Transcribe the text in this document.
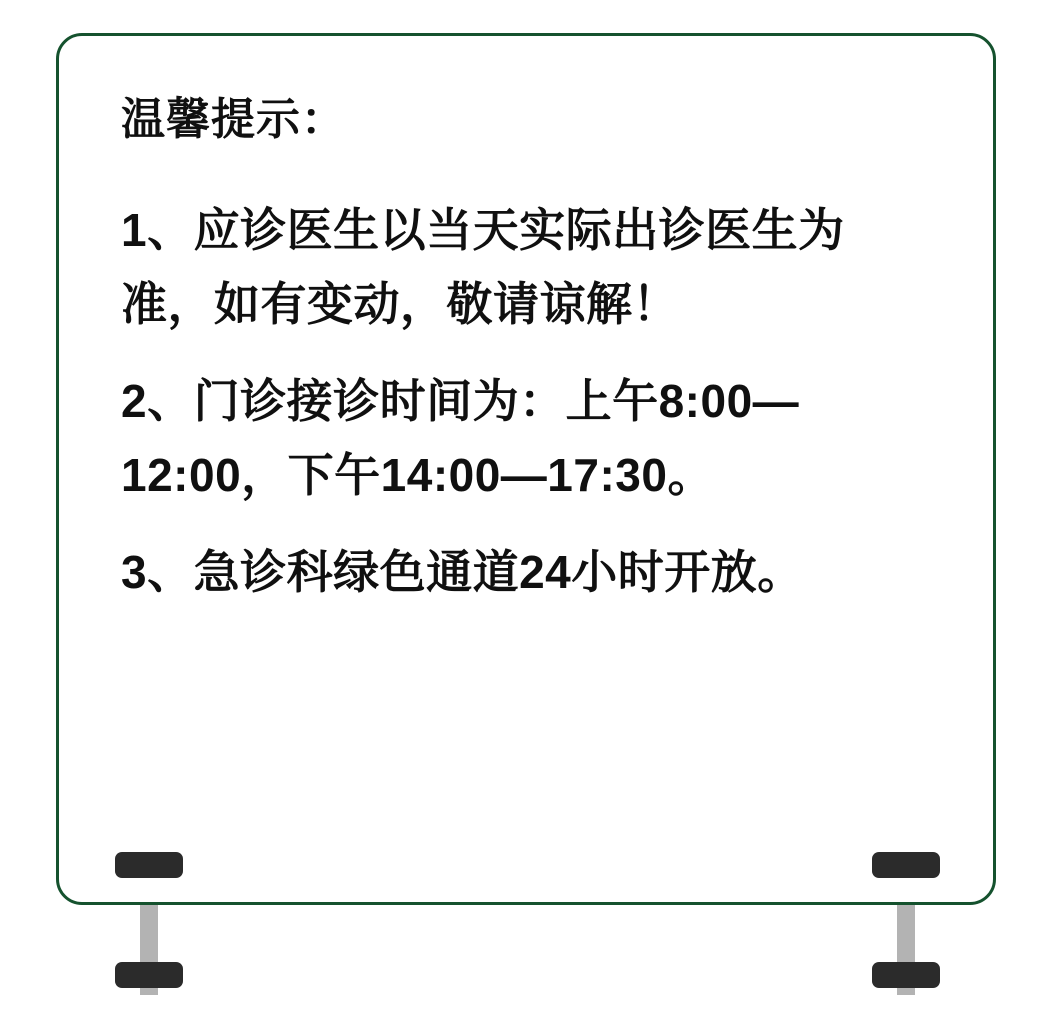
温馨提示：
1、应诊医生以当天实际出诊医生为准，如有变动，敬请谅解！
2、门诊接诊时间为：上午8:00—12:00，下午14:00—17:30。
3、急诊科绿色通道24小时开放。
